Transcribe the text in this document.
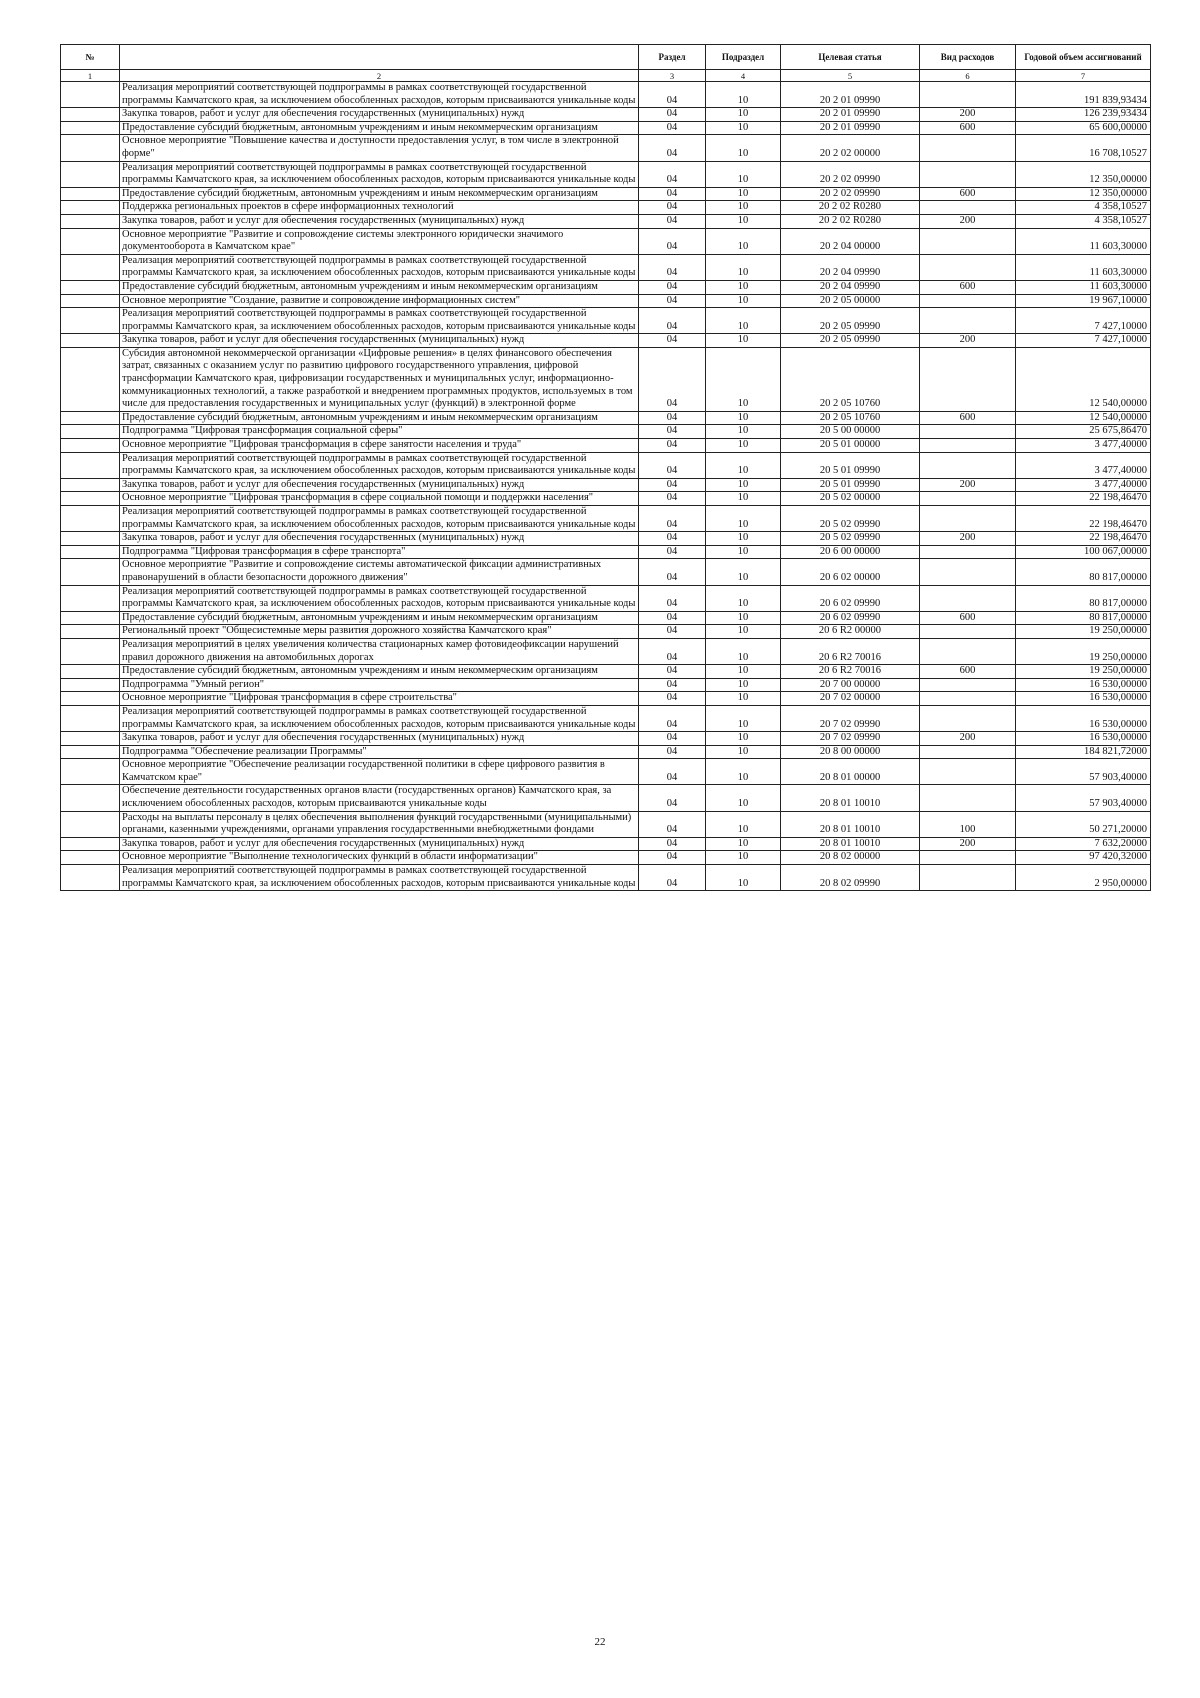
№		Раздел	Подраздел	Целевая статья	Вид расходов	Годовой объем ассигнований
1	2	3	4	5	6	7
	Реализация мероприятий соответствующей подпрограммы в рамках соответствующей государственной программы Камчатского края, за исключением обособленных расходов, которым присваиваются уникальные коды	04	10	20 2 01 09990		191 839,93434
	Закупка товаров, работ и услуг для обеспечения государственных (муниципальных) нужд	04	10	20 2 01 09990	200	126 239,93434
	Предоставление субсидий бюджетным, автономным учреждениям и иным некоммерческим организациям	04	10	20 2 01 09990	600	65 600,00000
	Основное мероприятие "Повышение качества и доступности предоставления услуг, в том числе в электронной форме"	04	10	20 2 02 00000		16 708,10527
	Реализация мероприятий соответствующей подпрограммы в рамках соответствующей государственной программы Камчатского края, за исключением обособленных расходов, которым присваиваются уникальные коды	04	10	20 2 02 09990		12 350,00000
	Предоставление субсидий бюджетным, автономным учреждениям и иным некоммерческим организациям	04	10	20 2 02 09990	600	12 350,00000
	Поддержка региональных проектов в сфере информационных технологий	04	10	20 2 02 R0280		4 358,10527
	Закупка товаров, работ и услуг для обеспечения государственных (муниципальных) нужд	04	10	20 2 02 R0280	200	4 358,10527
	Основное мероприятие "Развитие и сопровождение системы электронного юридически значимого документооборота в Камчатском крае"	04	10	20 2 04 00000		11 603,30000
	Реализация мероприятий соответствующей подпрограммы в рамках соответствующей государственной программы Камчатского края, за исключением обособленных расходов, которым присваиваются уникальные коды	04	10	20 2 04 09990		11 603,30000
	Предоставление субсидий бюджетным, автономным учреждениям и иным некоммерческим организациям	04	10	20 2 04 09990	600	11 603,30000
	Основное мероприятие "Создание, развитие и сопровождение информационных систем"	04	10	20 2 05 00000		19 967,10000
	Реализация мероприятий соответствующей подпрограммы в рамках соответствующей государственной программы Камчатского края, за исключением обособленных расходов, которым присваиваются уникальные коды	04	10	20 2 05 09990		7 427,10000
	Закупка товаров, работ и услуг для обеспечения государственных (муниципальных) нужд	04	10	20 2 05 09990	200	7 427,10000
	Субсидия автономной некоммерческой организации «Цифровые решения» в целях финансового обеспечения затрат, связанных с оказанием услуг по развитию цифрового государственного управления, цифровой трансформации Камчатского края, цифровизации государственных и муниципальных услуг, информационно-коммуникационных технологий, а также разработкой и внедрением программных продуктов, используемых в том числе для предоставления государственных и муниципальных услуг (функций) в электронной форме	04	10	20 2 05 10760		12 540,00000
	Предоставление субсидий бюджетным, автономным учреждениям и иным некоммерческим организациям	04	10	20 2 05 10760	600	12 540,00000
	Подпрограмма "Цифровая трансформация социальной сферы"	04	10	20 5 00 00000		25 675,86470
	Основное мероприятие "Цифровая трансформация в сфере занятости населения и труда"	04	10	20 5 01 00000		3 477,40000
	Реализация мероприятий соответствующей подпрограммы в рамках соответствующей государственной программы Камчатского края, за исключением обособленных расходов, которым присваиваются уникальные коды	04	10	20 5 01 09990		3 477,40000
	Закупка товаров, работ и услуг для обеспечения государственных (муниципальных) нужд	04	10	20 5 01 09990	200	3 477,40000
	Основное мероприятие "Цифровая трансформация в сфере социальной помощи и поддержки населения"	04	10	20 5 02 00000		22 198,46470
	Реализация мероприятий соответствующей подпрограммы в рамках соответствующей государственной программы Камчатского края, за исключением обособленных расходов, которым присваиваются уникальные коды	04	10	20 5 02 09990		22 198,46470
	Закупка товаров, работ и услуг для обеспечения государственных (муниципальных) нужд	04	10	20 5 02 09990	200	22 198,46470
	Подпрограмма "Цифровая трансформация в сфере транспорта"	04	10	20 6 00 00000		100 067,00000
	Основное мероприятие "Развитие и сопровождение системы автоматической фиксации административных правонарушений в области безопасности дорожного движения"	04	10	20 6 02 00000		80 817,00000
	Реализация мероприятий соответствующей подпрограммы в рамках соответствующей государственной программы Камчатского края, за исключением обособленных расходов, которым присваиваются уникальные коды	04	10	20 6 02 09990		80 817,00000
	Предоставление субсидий бюджетным, автономным учреждениям и иным некоммерческим организациям	04	10	20 6 02 09990	600	80 817,00000
	Региональный проект "Общесистемные меры развития дорожного хозяйства Камчатского края"	04	10	20 6 R2 00000		19 250,00000
	Реализация мероприятий в целях увеличения количества стационарных камер фотовидеофиксации нарушений правил дорожного движения на автомобильных дорогах	04	10	20 6 R2 70016		19 250,00000
	Предоставление субсидий бюджетным, автономным учреждениям и иным некоммерческим организациям	04	10	20 6 R2 70016	600	19 250,00000
	Подпрограмма "Умный регион"	04	10	20 7 00 00000		16 530,00000
	Основное мероприятие "Цифровая трансформация в сфере строительства"	04	10	20 7 02 00000		16 530,00000
	Реализация мероприятий соответствующей подпрограммы в рамках соответствующей государственной программы Камчатского края, за исключением обособленных расходов, которым присваиваются уникальные коды	04	10	20 7 02 09990		16 530,00000
	Закупка товаров, работ и услуг для обеспечения государственных (муниципальных) нужд	04	10	20 7 02 09990	200	16 530,00000
	Подпрограмма "Обеспечение реализации Программы"	04	10	20 8 00 00000		184 821,72000
	Основное мероприятие "Обеспечение реализации государственной политики в сфере цифрового развития в Камчатском крае"	04	10	20 8 01 00000		57 903,40000
	Обеспечение деятельности государственных органов власти (государственных органов) Камчатского края, за исключением обособленных расходов, которым присваиваются уникальные коды	04	10	20 8 01 10010		57 903,40000
	Расходы на выплаты персоналу в целях обеспечения выполнения функций государственными (муниципальными) органами, казенными учреждениями, органами управления государственными внебюджетными фондами	04	10	20 8 01 10010	100	50 271,20000
	Закупка товаров, работ и услуг для обеспечения государственных (муниципальных) нужд	04	10	20 8 01 10010	200	7 632,20000
	Основное мероприятие "Выполнение технологических функций в области информатизации"	04	10	20 8 02 00000		97 420,32000
	Реализация мероприятий соответствующей подпрограммы в рамках соответствующей государственной программы Камчатского края, за исключением обособленных расходов, которым присваиваются уникальные коды	04	10	20 8 02 09990		2 950,00000
22
